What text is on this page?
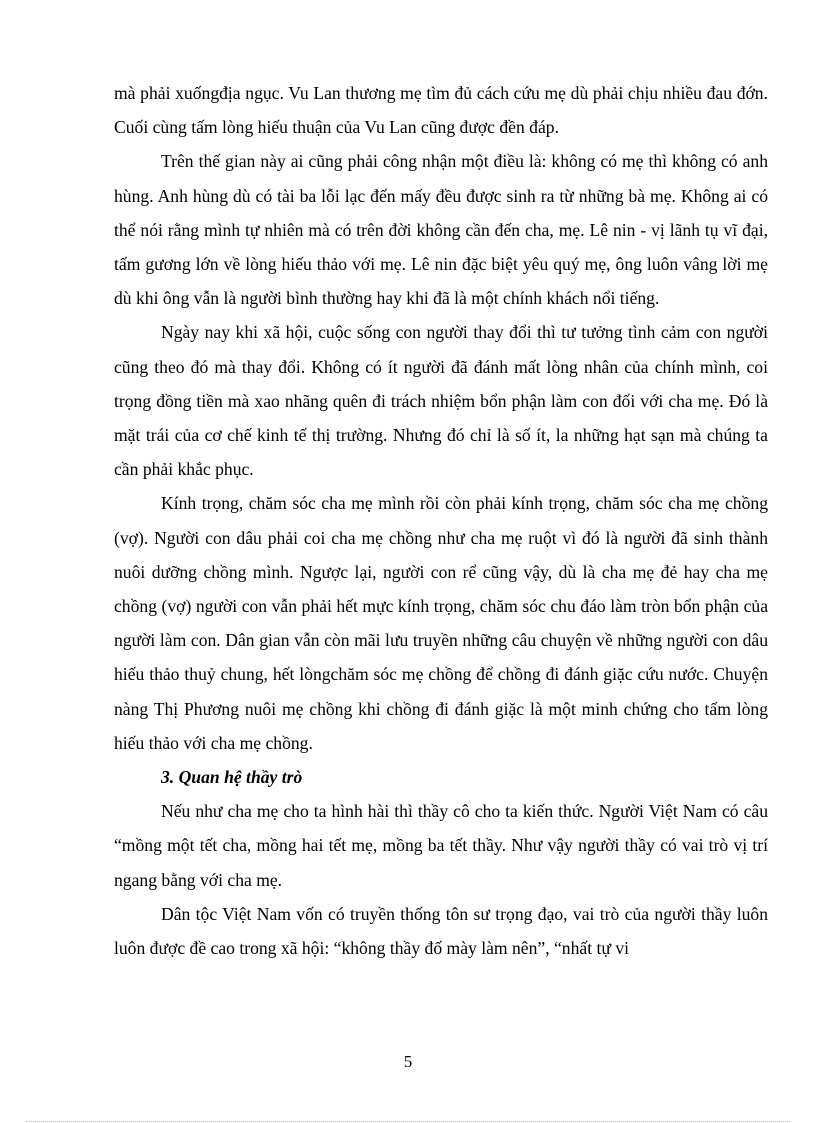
mà phải xuốngđịa ngục. Vu Lan thương mẹ tìm đủ cách cứu mẹ dù phải chịu nhiều đau đớn. Cuối cùng tấm lòng hiếu thuận của Vu Lan cũng được đền đáp.

Trên thế gian này ai cũng phải công nhận một điều là: không có mẹ thì không có anh hùng. Anh hùng dù có tài ba lỗi lạc đến mấy đều được sinh ra từ những bà mẹ. Không ai có thể nói rằng mình tự nhiên mà có trên đời không cần đến cha, mẹ. Lê nin - vị lãnh tụ vĩ đại, tấm gương lớn về lòng hiếu thảo với mẹ. Lê nin đặc biệt yêu quý mẹ, ông luôn vâng lời mẹ dù khi ông vẫn là người bình thường hay khi đã là một chính khách nổi tiếng.

Ngày nay khi xã hội, cuộc sống con người thay đổi thì tư tưởng tình cảm con người cũng theo đó mà thay đổi. Không có ít người đã đánh mất lòng nhân của chính mình, coi trọng đồng tiền mà xao nhãng quên đi trách nhiệm bổn phận làm con đối với cha mẹ. Đó là mặt trái của cơ chế kinh tế thị trường. Nhưng đó chỉ là số ít, la những hạt sạn mà chúng ta cần phải khắc phục.

Kính trọng, chăm sóc cha mẹ mình rồi còn phải kính trọng, chăm sóc cha mẹ chồng (vợ). Người con dâu phải coi cha mẹ chồng như cha mẹ ruột vì đó là người đã sinh thành nuôi dưỡng chồng mình. Ngược lại, người con rể cũng vậy, dù là cha mẹ đẻ hay cha mẹ chồng (vợ) người con vẫn phải hết mực kính trọng, chăm sóc chu đáo làm tròn bổn phận của người làm con. Dân gian vẫn còn mãi lưu truyền những câu chuyện về những người con dâu hiếu thảo thuỷ chung, hết lòngchăm sóc mẹ chồng để chồng đi đánh giặc cứu nước. Chuyện nàng Thị Phương nuôi mẹ chồng khi chồng đi đánh giặc là một minh chứng cho tấm lòng hiếu thảo với cha mẹ chồng.

3. Quan hệ thầy trò

Nếu như cha mẹ cho ta hình hài thì thầy cô cho ta kiến thức. Người Việt Nam có câu “mồng một tết cha, mồng hai tết mẹ, mồng ba tết thầy. Như vậy người thầy có vai trò vị trí ngang bằng với cha mẹ.

Dân tộc Việt Nam vốn có truyền thống tôn sư trọng đạo, vai trò của người thầy luôn luôn được đề cao trong xã hội: “không thầy đố mày làm nên”, “nhất tự vi

5
